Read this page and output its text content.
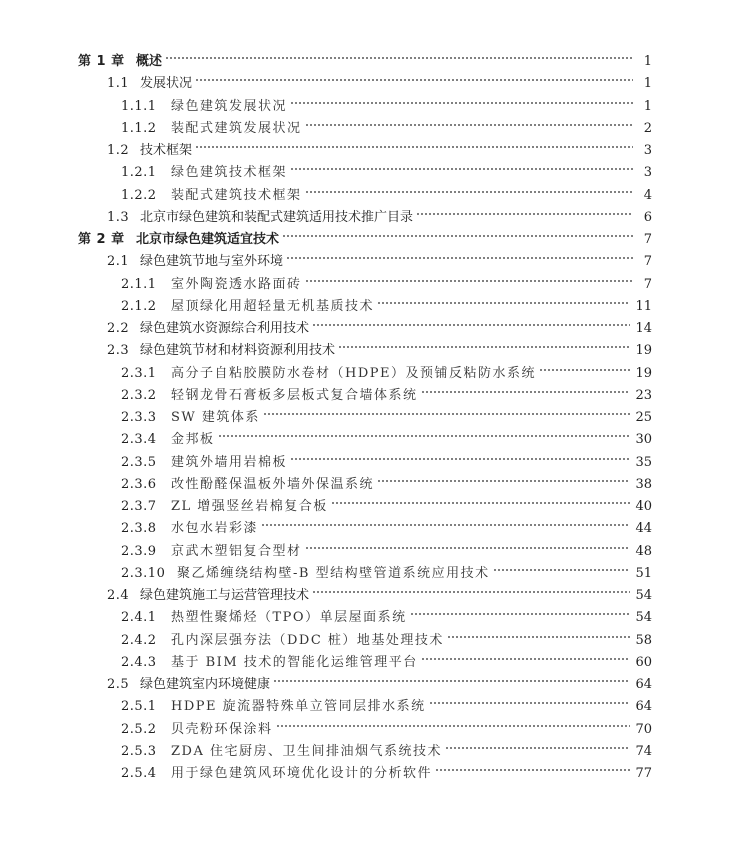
第 1 章 概述	1
1.1 发展状况	1
1.1.1	绿色建筑发展状况	1
1.1.2	装配式建筑发展状况	2
1.2 技术框架	3
1.2.1	绿色建筑技术框架	3
1.2.2	装配式建筑技术框架	4
1.3 北京市绿色建筑和装配式建筑适用技术推广目录	6
第 2 章 北京市绿色建筑适宜技术	7
2.1 绿色建筑节地与室外环境	7
2.1.1	室外陶瓷透水路面砖	7
2.1.2	屋顶绿化用超轻量无机基质技术	11
2.2 绿色建筑水资源综合利用技术	14
2.3 绿色建筑节材和材料资源利用技术	19
2.3.1	高分子自粘胶膜防水卷材（HDPE）及预铺反粘防水系统	19
2.3.2	轻钢龙骨石膏板多层板式复合墙体系统	23
2.3.3	SW 建筑体系	25
2.3.4	金邦板	30
2.3.5	建筑外墙用岩棉板	35
2.3.6	改性酚醛保温板外墙外保温系统	38
2.3.7	ZL 增强竖丝岩棉复合板	40
2.3.8	水包水岩彩漆	44
2.3.9	京武木塑铝复合型材	48
2.3.10 聚乙烯缠绕结构壁-B 型结构壁管道系统应用技术	51
2.4 绿色建筑施工与运营管理技术	54
2.4.1	热塑性聚烯烃（TPO）单层屋面系统	54
2.4.2	孔内深层强夯法（DDC 桩）地基处理技术	58
2.4.3	基于 BIM 技术的智能化运维管理平台	60
2.5 绿色建筑室内环境健康	64
2.5.1	HDPE 旋流器特殊单立管同层排水系统	64
2.5.2	贝壳粉环保涂料	70
2.5.3	ZDA 住宅厨房、卫生间排油烟气系统技术	74
2.5.4	用于绿色建筑风环境优化设计的分析软件	77
